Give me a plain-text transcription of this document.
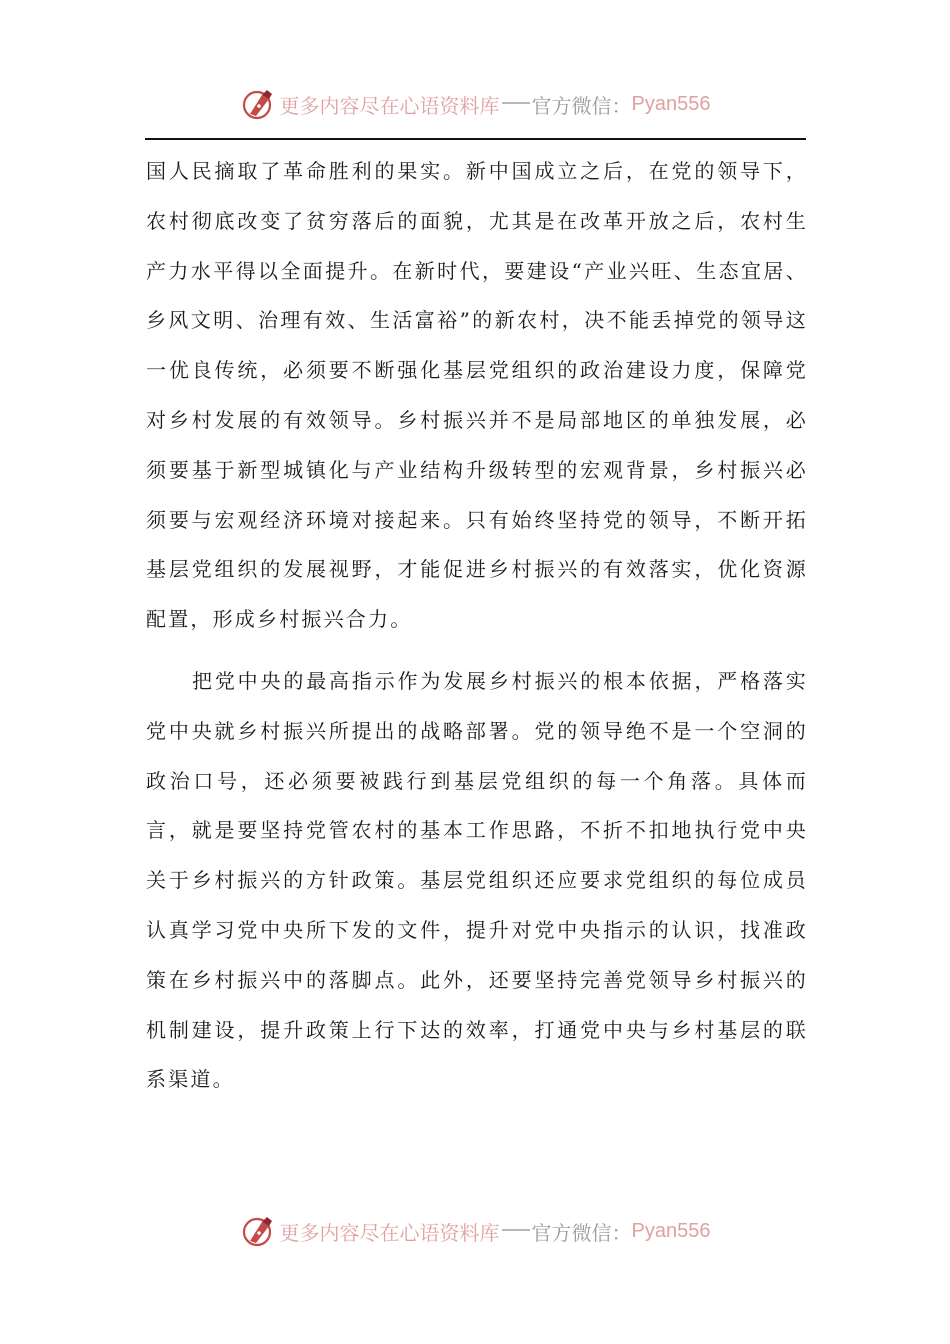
更多内容尽在心语资料库 官方微信： Pyan556

国人民摘取了革命胜利的果实。新中国成立之后，在党的领导下，农村彻底改变了贫穷落后的面貌，尤其是在改革开放之后，农村生产力水平得以全面提升。在新时代，要建设“产业兴旺、生态宜居、乡风文明、治理有效、生活富裕”的新农村，决不能丢掉党的领导这一优良传统，必须要不断强化基层党组织的政治建设力度，保障党对乡村发展的有效领导。乡村振兴并不是局部地区的单独发展，必须要基于新型城镇化与产业结构升级转型的宏观背景，乡村振兴必须要与宏观经济环境对接起来。只有始终坚持党的领导，不断开拓基层党组织的发展视野，才能促进乡村振兴的有效落实，优化资源配置，形成乡村振兴合力。

把党中央的最高指示作为发展乡村振兴的根本依据，严格落实党中央就乡村振兴所提出的战略部署。党的领导绝不是一个空洞的政治口号，还必须要被践行到基层党组织的每一个角落。具体而言，就是要坚持党管农村的基本工作思路，不折不扣地执行党中央关于乡村振兴的方针政策。基层党组织还应要求党组织的每位成员认真学习党中央所下发的文件，提升对党中央指示的认识，找准政策在乡村振兴中的落脚点。此外，还要坚持完善党领导乡村振兴的机制建设，提升政策上行下达的效率，打通党中央与乡村基层的联系渠道。

更多内容尽在心语资料库 官方微信： Pyan556
